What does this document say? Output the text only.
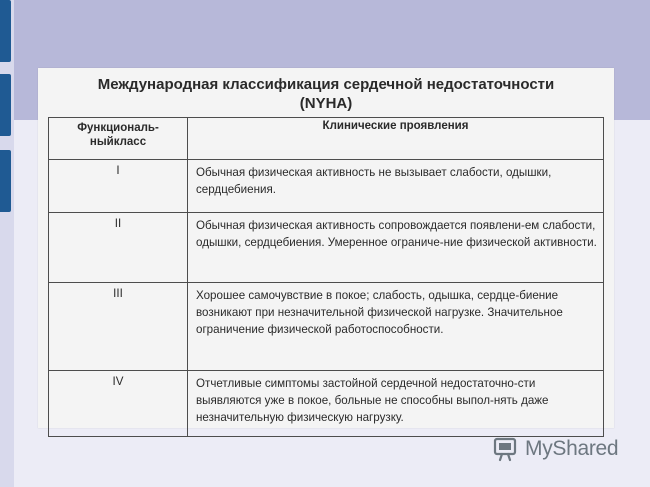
Международная классификация сердечной недостаточности
(NYHA)
Функциональ-ныйкласс	Клинические проявления
I	Обычная физическая активность не вызывает слабости, одышки, сердцебиения.
II	Обычная физическая активность сопровождается появлени-ем слабости, одышки, сердцебиения. Умеренное ограниче-ние физической активности.
III	Хорошее самочувствие в покое; слабость, одышка, сердце-биение возникают при незначительной физической нагрузке. Значительное ограничение физической работоспособности.
IV	Отчетливые симптомы застойной сердечной недостаточно-сти выявляются уже в покое, больные не способны выпол-нять даже незначительную физическую нагрузку.
MyShared
